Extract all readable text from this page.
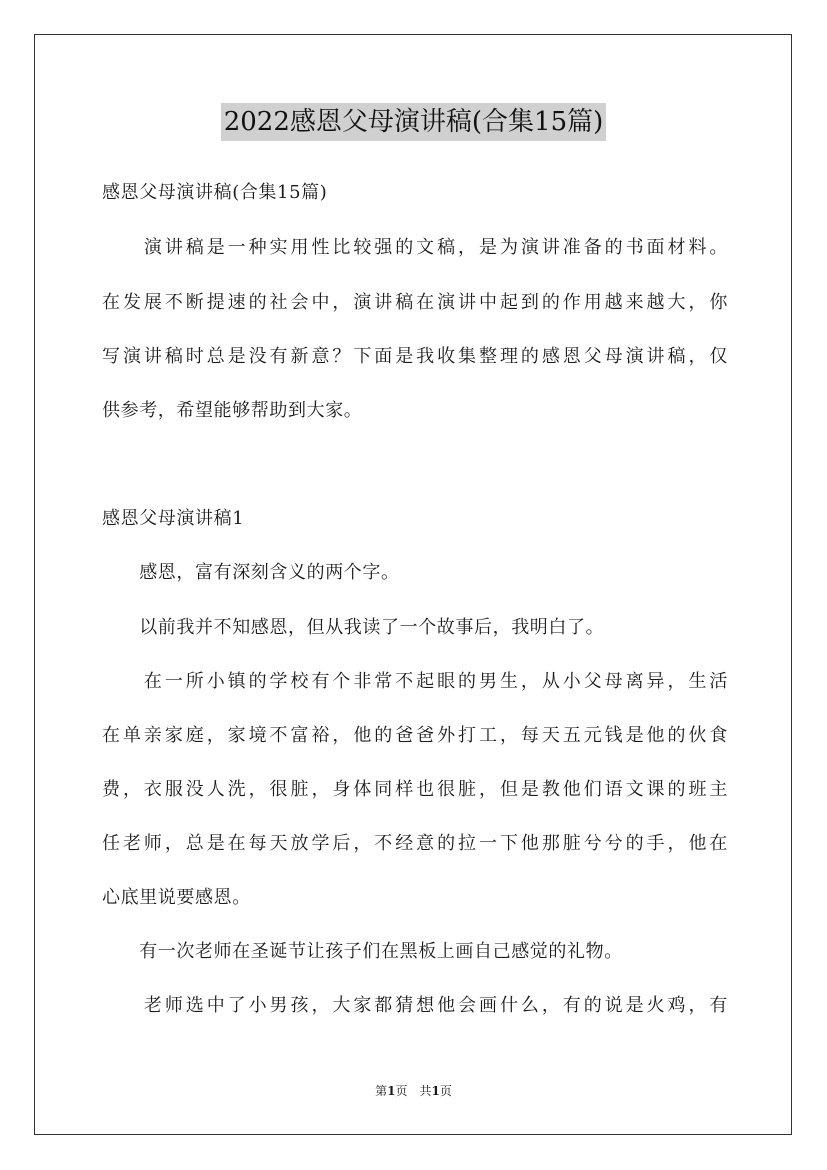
2022感恩父母演讲稿(合集15篇)
感恩父母演讲稿(合集15篇)
　　演讲稿是一种实用性比较强的文稿，是为演讲准备的书面材料。
在发展不断提速的社会中，演讲稿在演讲中起到的作用越来越大，你
写演讲稿时总是没有新意？下面是我收集整理的感恩父母演讲稿，仅
供参考，希望能够帮助到大家。
感恩父母演讲稿1
　　感恩，富有深刻含义的两个字。
　　以前我并不知感恩，但从我读了一个故事后，我明白了。
　　在一所小镇的学校有个非常不起眼的男生，从小父母离异，生活
在单亲家庭，家境不富裕，他的爸爸外打工，每天五元钱是他的伙食
费，衣服没人洗，很脏，身体同样也很脏，但是教他们语文课的班主
任老师，总是在每天放学后，不经意的拉一下他那脏兮兮的手，他在
心底里说要感恩。
　　有一次老师在圣诞节让孩子们在黑板上画自己感觉的礼物。
　　老师选中了小男孩，大家都猜想他会画什么，有的说是火鸡，有
第1页　共1页
